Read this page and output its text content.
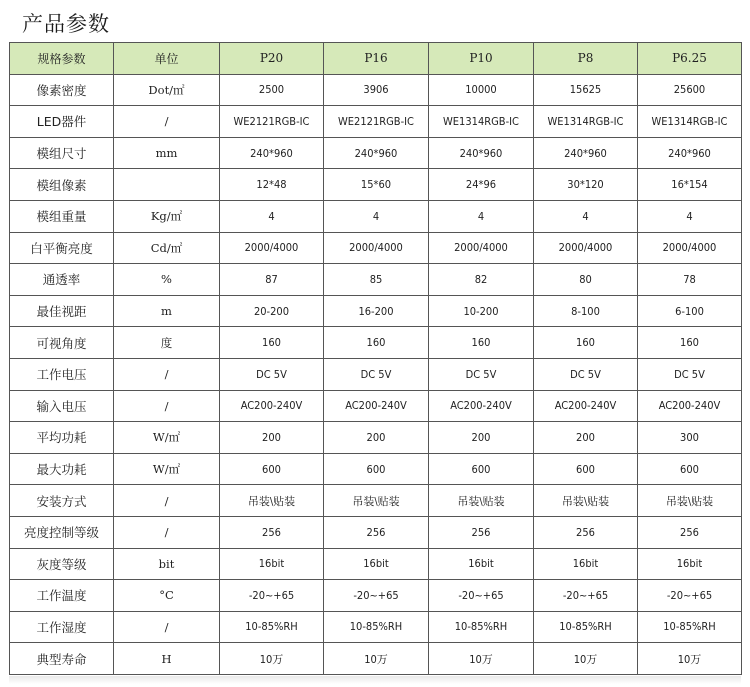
产品参数
规格参数	单位	P20	P16	P10	P8	P6.25
像素密度	Dot/㎡	2500	3906	10000	15625	25600
LED器件	/	WE2121RGB-IC	WE2121RGB-IC	WE1314RGB-IC	WE1314RGB-IC	WE1314RGB-IC
模组尺寸	mm	240*960	240*960	240*960	240*960	240*960
模组像素		12*48	15*60	24*96	30*120	16*154
模组重量	Kg/㎡	4	4	4	4	4
白平衡亮度	Cd/㎡	2000/4000	2000/4000	2000/4000	2000/4000	2000/4000
通透率	%	87	85	82	80	78
最佳视距	m	20-200	16-200	10-200	8-100	6-100
可视角度	度	160	160	160	160	160
工作电压	/	DC 5V	DC 5V	DC 5V	DC 5V	DC 5V
输入电压	/	AC200-240V	AC200-240V	AC200-240V	AC200-240V	AC200-240V
平均功耗	W/㎡	200	200	200	200	300
最大功耗	W/㎡	600	600	600	600	600
安装方式	/	吊装\贴装	吊装\贴装	吊装\贴装	吊装\贴装	吊装\贴装
亮度控制等级	/	256	256	256	256	256
灰度等级	bit	16bit	16bit	16bit	16bit	16bit
工作温度	°C	-20~+65	-20~+65	-20~+65	-20~+65	-20~+65
工作湿度	/	10-85%RH	10-85%RH	10-85%RH	10-85%RH	10-85%RH
典型寿命	H	10万	10万	10万	10万	10万
